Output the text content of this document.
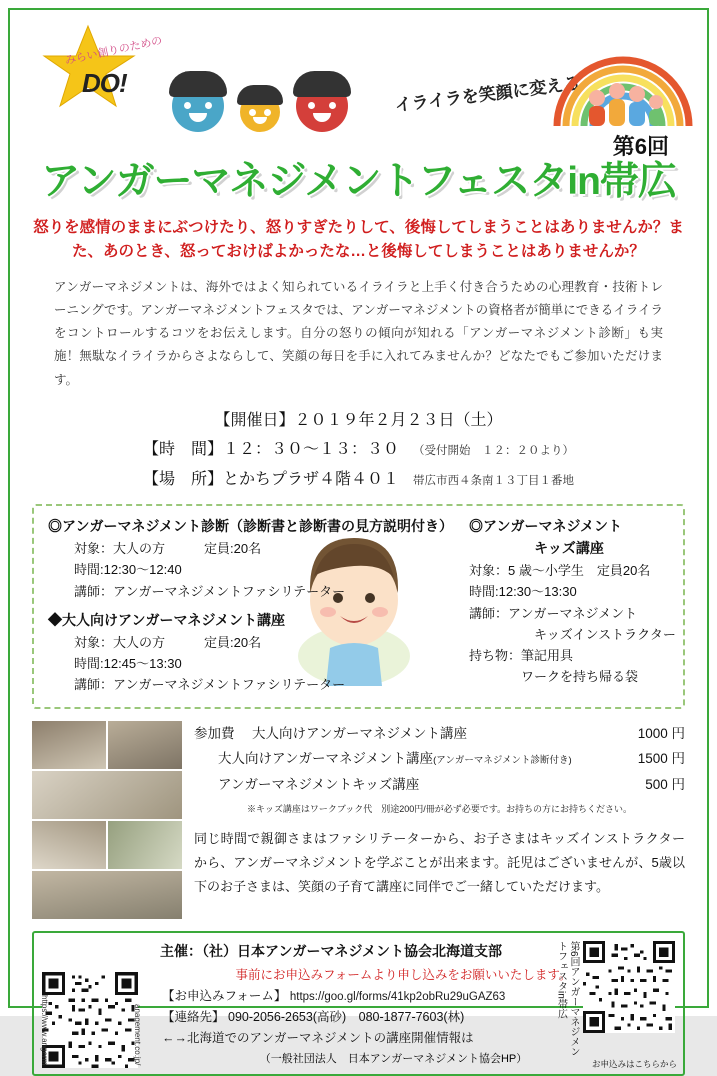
みらい創りのための
DO!	イライラを笑顔に変える
第6回
アンガーマネジメントフェスタin帯広
怒りを感情のままにぶつけたり、怒りすぎたりして、後悔してしまうことはありませんか？また、あのとき、怒っておけばよかったな…と後悔してしまうことはありませんか？
アンガーマネジメントは、海外ではよく知られているイライラと上手く付き合うための心理教育・技術トレーニングです。アンガーマネジメントフェスタでは、アンガーマネジメントの資格者が簡単にできるイライラをコントロールするコツをお伝えします。自分の怒りの傾向が知れる「アンガーマネジメント診断」も実施！無駄なイライラからさよならして、笑顔の毎日を手に入れてみませんか？どなたでもご参加いただけます。
【開催日】２０１９年２月２３日（土）
【時　間】１２：３０～１３：３０ （受付開始　１２：２０より）
【場　所】とかちプラザ４階４０１ 帯広市西４条南１３丁目１番地
◎アンガーマネジメント診断（診断書と診断書の見方説明付き）
対象：大人の方　　　定員:20名
時間:12:30～12:40
講師：アンガーマネジメントファシリテーター
◆大人向けアンガーマネジメント講座
対象：大人の方　　　定員:20名
時間:12:45～13:30
講師：アンガーマネジメントファシリテーター
◎アンガーマネジメント
キッズ講座
対象：5 歳～小学生　定員20名
時間:12:30～13:30
講師：アンガーマネジメント
　　　　　キッズインストラクター
持ち物：筆記用具
　　　　ワークを持ち帰る袋
参加費	大人向けアンガーマネジメント講座	1000 円
大人向けアンガーマネジメント講座(アンガーマネジメント診断付き)	1500 円
アンガーマネジメントキッズ講座	500 円
※キッズ講座はワークブック代　別途200円/冊が必ず必要です。お持ちの方にお持ちください。
同じ時間で親御さまはファシリテーターから、お子さまはキッズインストラクターから、アンガーマネジメントを学ぶことが出来ます。託児はございませんが、5歳以下のお子さまは、笑顔の子育て講座に同伴でご一緒していただけます。
主催：（社）日本アンガーマネジメント協会北海道支部
事前にお申込みフォームより申し込みをお願いいたします。
【お申込みフォーム】 https://goo.gl/forms/41kp2obRu29uGAZ63
【連絡先】 090-2056-2653(高砂)　080-1877-7603(林)
←→北海道でのアンガーマネジメントの講座開催情報は
（一般社団法人　日本アンガーマネジメント協会HP）
https://www.angerm	anagement.co.jp/	第6回アンガーマネジメントフェスタin帯広
お申込みはこちらから
